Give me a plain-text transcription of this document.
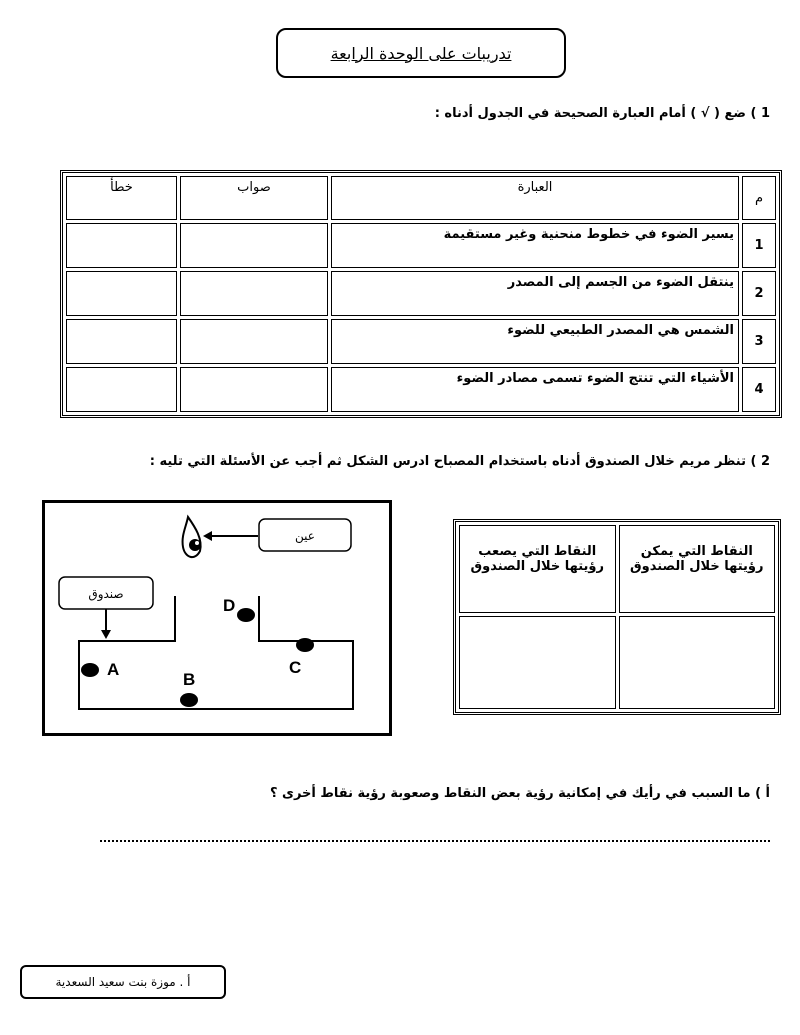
تدريبات على الوحدة الرابعة
1 ) ضع ( √ ) أمام العبارة الصحيحة في الجدول أدناه :
م	العبارة	صواب	خطأ
1	يسير الضوء في خطوط منحنية وغير مستقيمة		
2	ينتقل الضوء من الجسم إلى المصدر		
3	الشمس هي المصدر الطبيعي للضوء		
4	الأشياء التي تنتج الضوء تسمى مصادر الضوء		
2 ) تنظر مريم خلال الصندوق أدناه باستخدام المصباح ادرس الشكل ثم أجب عن الأسئلة التي تليه :
عين
صندوق
A
B
C
D
النقاط التي يمكن رؤيتها خلال الصندوق	النقاط التي يصعب رؤيتها خلال الصندوق

أ ) ما السبب في رأيك في إمكانية رؤية بعض النقاط وصعوبة رؤية نقاط أخرى ؟
أ . موزة بنت سعيد السعدية
